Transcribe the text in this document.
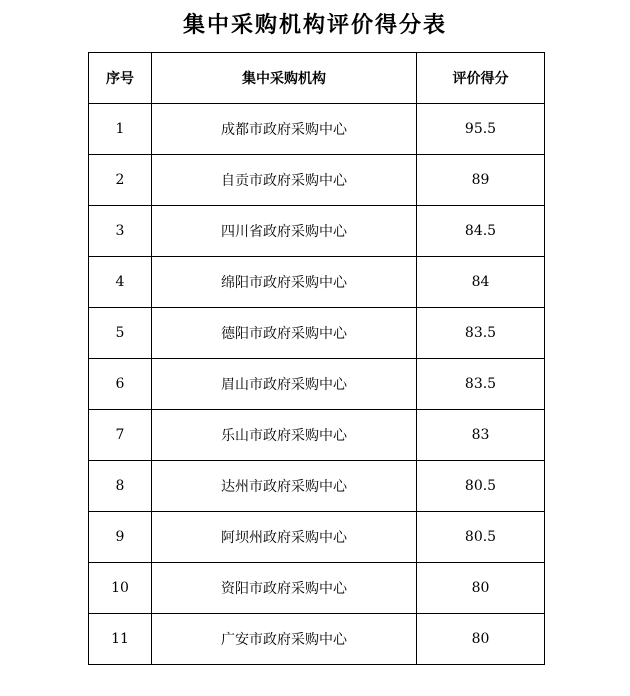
集中采购机构评价得分表
序号	集中采购机构	评价得分
1	成都市政府采购中心	95.5
2	自贡市政府采购中心	89
3	四川省政府采购中心	84.5
4	绵阳市政府采购中心	84
5	德阳市政府采购中心	83.5
6	眉山市政府采购中心	83.5
7	乐山市政府采购中心	83
8	达州市政府采购中心	80.5
9	阿坝州政府采购中心	80.5
10	资阳市政府采购中心	80
11	广安市政府采购中心	80
